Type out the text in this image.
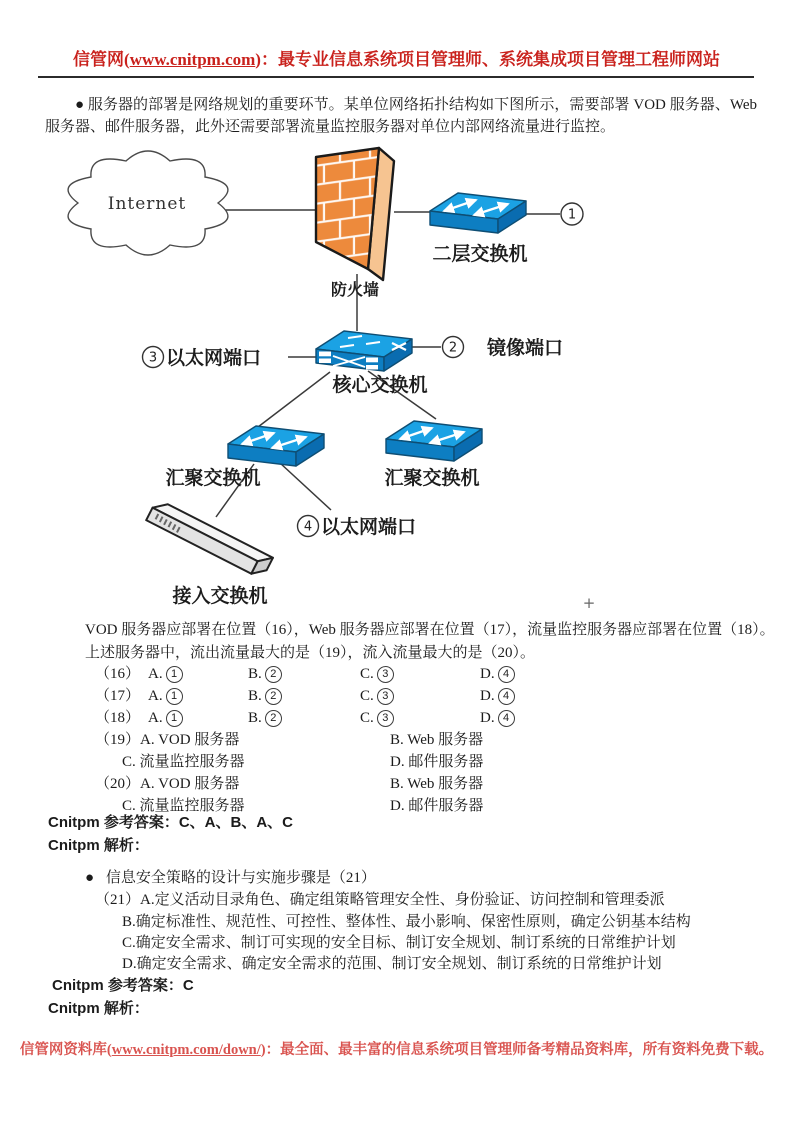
信管网(www.cnitpm.com)：最专业信息系统项目管理师、系统集成项目管理工程师网站
● 服务器的部署是网络规划的重要环节。某单位网络拓扑结构如下图所示，需要部署 VOD 服务器、Web 服务器、邮件服务器，此外还需要部署流量监控服务器对单位内部网络流量进行监控。
Internet
防火墙
二层交换机
1
核心交换机
3 以太网端口	2 镜像端口
汇聚交换机	汇聚交换机
4 以太网端口
接入交换机	+
VOD 服务器应部署在位置（16），Web 服务器应部署在位置（17），流量监控服务器应部署在位置（18）。
上述服务器中，流出流量最大的是（19），流入流量最大的是（20）。
（16） A. 1	B. 2	C. 3	D. 4
（17） A. 1	B. 2	C. 3	D. 4
（18） A. 1	B. 2	C. 3	D. 4
（19）A. VOD 服务器	B. Web 服务器
C. 流量监控服务器	D. 邮件服务器
（20）A. VOD 服务器	B. Web 服务器
C. 流量监控服务器	D. 邮件服务器
Cnitpm 参考答案：C、A、B、A、C
Cnitpm 解析：
● 信息安全策略的设计与实施步骤是（21）
（21）A.定义活动目录角色、确定组策略管理安全性、身份验证、访问控制和管理委派
B.确定标准性、规范性、可控性、整体性、最小影响、保密性原则，确定公钥基本结构
C.确定安全需求、制订可实现的安全目标、制订安全规划、制订系统的日常维护计划
D.确定安全需求、确定安全需求的范围、制订安全规划、制订系统的日常维护计划
Cnitpm 参考答案：C
Cnitpm 解析：
信管网资料库(www.cnitpm.com/down/)：最全面、最丰富的信息系统项目管理师备考精品资料库，所有资料免费下载。
